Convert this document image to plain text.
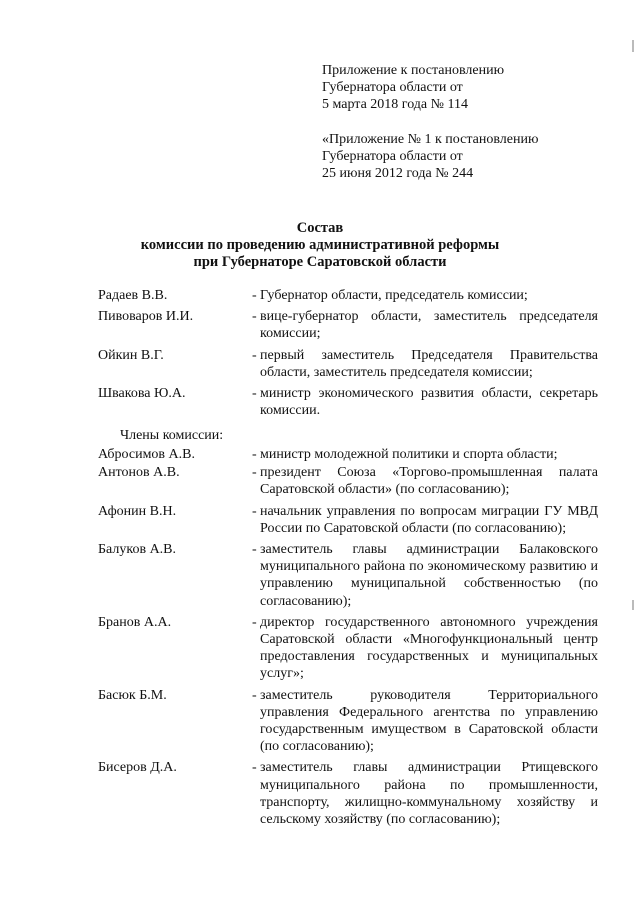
Приложение к постановлению
Губернатора области от
5 марта 2018 года № 114
«Приложение № 1 к постановлению
Губернатора области от
25 июня 2012 года № 244
Состав
комиссии по проведению административной реформы
при Губернаторе Саратовской области
Радаев В.В.	- Губернатор области, председатель комиссии;
Пивоваров И.И.	- вице-губернатор области, заместитель председателя комиссии;
Ойкин В.Г.	- первый заместитель Председателя Правительства области, заместитель председателя комиссии;
Швакова Ю.А.	- министр экономического развития области, секретарь комиссии.
Члены комиссии:
Абросимов А.В.	- министр молодежной политики и спорта области;
Антонов А.В.	- президент Союза «Торгово-промышленная палата Саратовской области» (по согласованию);
Афонин В.Н.	- начальник управления по вопросам миграции ГУ МВД России по Саратовской области (по согласованию);
Балуков А.В.	- заместитель главы администрации Балаковского муниципального района по экономическому развитию и управлению муниципальной собственностью (по согласованию);
Бранов А.А.	- директор государственного автономного учреждения Саратовской области «Многофункциональный центр предоставления государственных и муниципальных услуг»;
Басюк Б.М.	- заместитель руководителя Территориального управления Федерального агентства по управлению государственным имуществом в Саратовской области (по согласованию);
Бисеров Д.А.	- заместитель главы администрации Ртищевского муниципального района по промышленности, транспорту, жилищно-коммунальному хозяйству и сельскому хозяйству (по согласованию);
